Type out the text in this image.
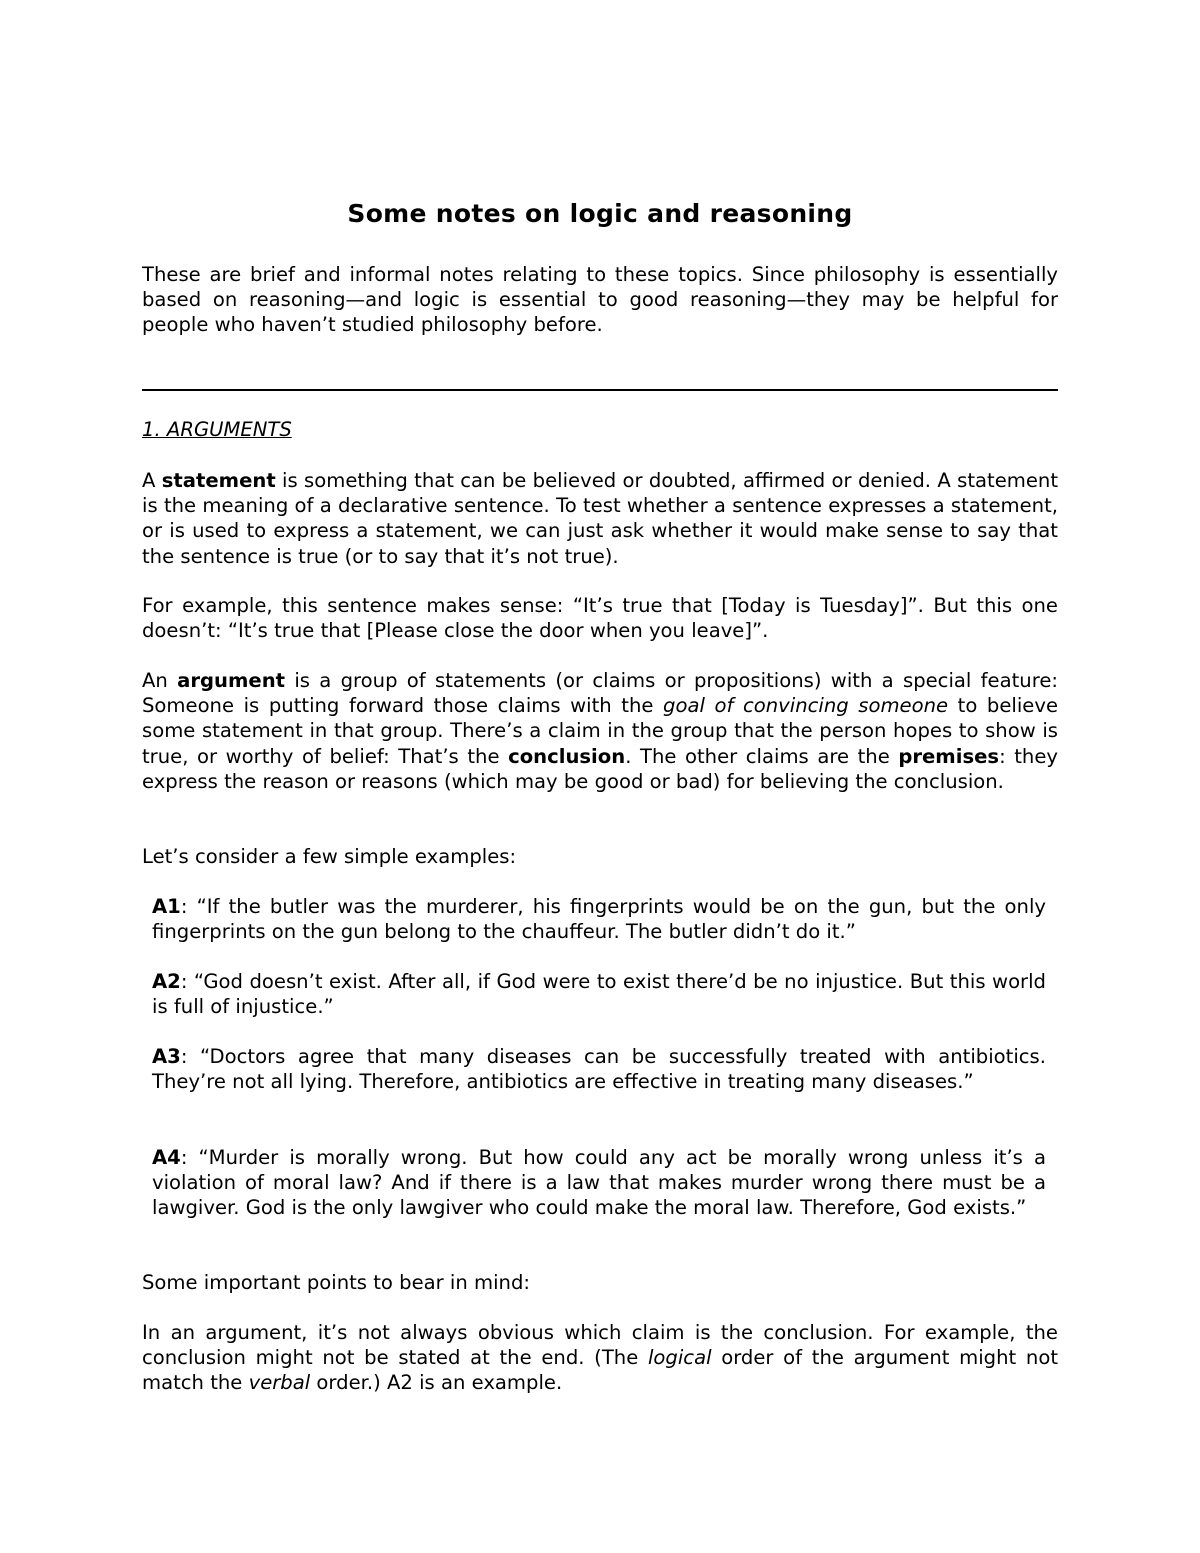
Some notes on logic and reasoning

These are brief and informal notes relating to these topics. Since philosophy is essentially based on reasoning—and logic is essential to good reasoning—they may be helpful for people who haven’t studied philosophy before.

1. ARGUMENTS

A statement is something that can be believed or doubted, affirmed or denied. A statement is the meaning of a declarative sentence. To test whether a sentence expresses a statement, or is used to express a statement, we can just ask whether it would make sense to say that the sentence is true (or to say that it’s not true).

For example, this sentence makes sense: “It’s true that [Today is Tuesday]”. But this one doesn’t: “It’s true that [Please close the door when you leave]”.

An argument is a group of statements (or claims or propositions) with a special feature: Someone is putting forward those claims with the goal of convincing someone to believe some statement in that group. There’s a claim in the group that the person hopes to show is true, or worthy of belief: That’s the conclusion. The other claims are the premises: they express the reason or reasons (which may be good or bad) for believing the conclusion.

Let’s consider a few simple examples:

A1: “If the butler was the murderer, his fingerprints would be on the gun, but the only fingerprints on the gun belong to the chauffeur. The butler didn’t do it.”

A2: “God doesn’t exist. After all, if God were to exist there’d be no injustice. But this world is full of injustice.”

A3: “Doctors agree that many diseases can be successfully treated with antibiotics. They’re not all lying. Therefore, antibiotics are effective in treating many diseases.”

A4: “Murder is morally wrong. But how could any act be morally wrong unless it’s a violation of moral law? And if there is a law that makes murder wrong there must be a lawgiver. God is the only lawgiver who could make the moral law. Therefore, God exists.”

Some important points to bear in mind:

In an argument, it’s not always obvious which claim is the conclusion. For example, the conclusion might not be stated at the end. (The logical order of the argument might not match the verbal order.) A2 is an example.
